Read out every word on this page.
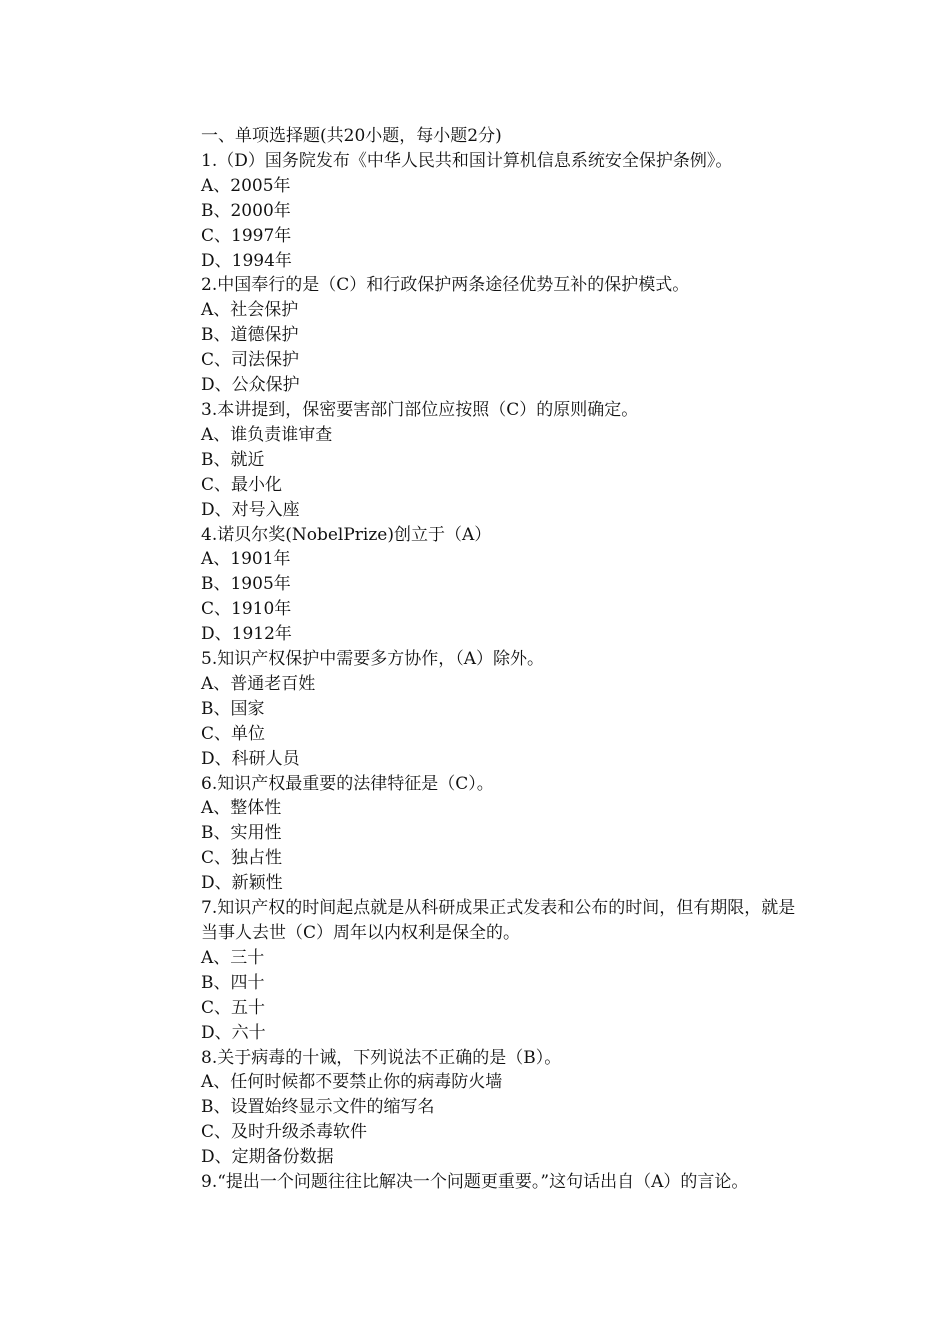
一、单项选择题(共20小题，每小题2分)
1.（D）国务院发布《中华人民共和国计算机信息系统安全保护条例》。
A、2005年
B、2000年
C、1997年
D、1994年
2.中国奉行的是（C）和行政保护两条途径优势互补的保护模式。
A、社会保护
B、道德保护
C、司法保护
D、公众保护
3.本讲提到，保密要害部门部位应按照（C）的原则确定。
A、谁负责谁审查
B、就近
C、最小化
D、对号入座
4.诺贝尔奖(NobelPrize)创立于（A）
A、1901年
B、1905年
C、1910年
D、1912年
5.知识产权保护中需要多方协作，（A）除外。
A、普通老百姓
B、国家
C、单位
D、科研人员
6.知识产权最重要的法律特征是（C）。
A、整体性
B、实用性
C、独占性
D、新颖性
7.知识产权的时间起点就是从科研成果正式发表和公布的时间，但有期限，就是当事人去世（C）周年以内权利是保全的。
A、三十
B、四十
C、五十
D、六十
8.关于病毒的十诫，下列说法不正确的是（B）。
A、任何时候都不要禁止你的病毒防火墙
B、设置始终显示文件的缩写名
C、及时升级杀毒软件
D、定期备份数据
9.“提出一个问题往往比解决一个问题更重要。”这句话出自（A）的言论。
